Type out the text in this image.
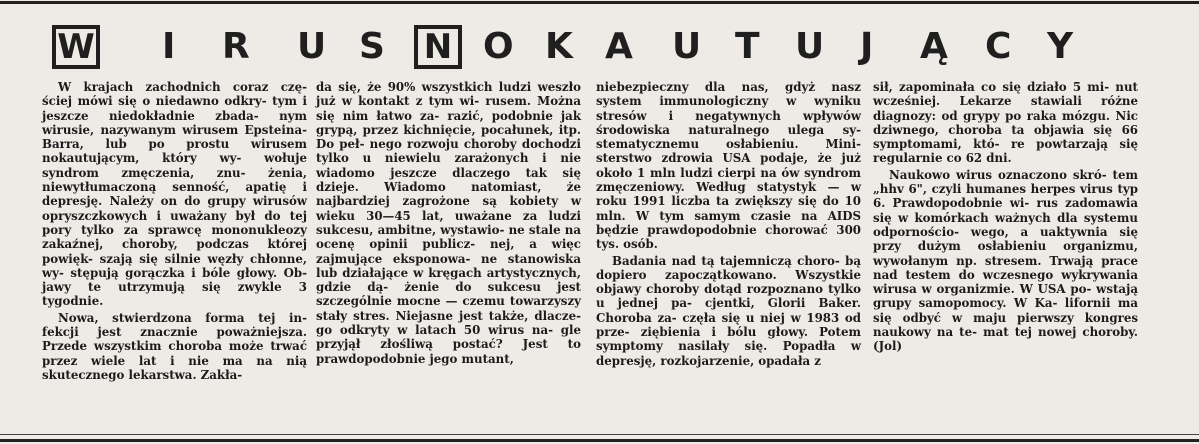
W I R U S N O K A U T U J Ą C Y

W krajach zachodnich coraz czę- ściej mówi się o niedawno odkry- tym i jeszcze niedokładnie zbada- nym wirusie, nazywanym wirusem Epsteina-Barra, lub po prostu wirusem nokautującym, który wy- wołuje syndrom zmęczenia, znu- żenia, niewytłumaczoną senność, apatię i depresję. Należy on do grupy wirusów opryszczkowych i uważany był do tej pory tylko za sprawcę mononukleozy zakaźnej, choroby, podczas której powięk- szają się silnie węzły chłonne, wy- stępują gorączka i bóle głowy. Ob- jawy te utrzymują się zwykle 3 tygodnie.

Nowa, stwierdzona forma tej in- fekcji jest znacznie poważniejsza. Przede wszystkim choroba może trwać przez wiele lat i nie ma na nią skutecznego lekarstwa. Zakła-

da się, że 90% wszystkich ludzi weszło już w kontakt z tym wi- rusem. Można się nim łatwo za- razić, podobnie jak grypą, przez kichnięcie, pocałunek, itp. Do peł- nego rozwoju choroby dochodzi tylko u niewielu zarażonych i nie wiadomo jeszcze dlaczego tak się dzieje. Wiadomo natomiast, że najbardziej zagrożone są kobiety w wieku 30—45 lat, uważane za ludzi sukcesu, ambitne, wystawio- ne stale na ocenę opinii publicz- nej, a więc zajmujące eksponowa- ne stanowiska lub działające w kręgach artystycznych, gdzie dą- żenie do sukcesu jest szczególnie mocne — czemu towarzyszy stały stres. Niejasne jest także, dlacze- go odkryty w latach 50 wirus na- gle przyjął złośliwą postać? Jest to prawdopodobnie jego mutant,

niebezpieczny dla nas, gdyż nasz system immunologiczny w wyniku stresów i negatywnych wpływów środowiska naturalnego ulega sy- stematycznemu osłabieniu. Mini- sterstwo zdrowia USA podaje, że już około 1 mln ludzi cierpi na ów syndrom zmęczeniowy. Według statystyk — w roku 1991 liczba ta zwiększy się do 10 mln. W tym samym czasie na AIDS będzie prawdopodobnie chorować 300 tys. osób.

Badania nad tą tajemniczą choro- bą dopiero zapoczątkowano. Wszystkie objawy choroby dotąd rozpoznano tylko u jednej pa- cjentki, Glorii Baker. Choroba za- częła się u niej w 1983 od prze- ziębienia i bólu głowy. Potem symptomy nasilały się. Popadła w depresję, rozkojarzenie, opadała z

sił, zapominała co się działo 5 mi- nut wcześniej. Lekarze stawiali różne diagnozy: od grypy po raka mózgu. Nic dziwnego, choroba ta objawia się 66 symptomami, któ- re powtarzają się regularnie co 62 dni.

Naukowo wirus oznaczono skró- tem „hhv 6", czyli humanes herpes virus typ 6. Prawdopodobnie wi- rus zadomawia się w komórkach ważnych dla systemu odpornościo- wego, a uaktywnia się przy dużym osłabieniu organizmu, wywołanym np. stresem. Trwają prace nad testem do wczesnego wykrywania wirusa w organizmie. W USA po- wstają grupy samopomocy. W Ka- lifornii ma się odbyć w maju pierwszy kongres naukowy na te- mat tej nowej choroby. (Jol)
